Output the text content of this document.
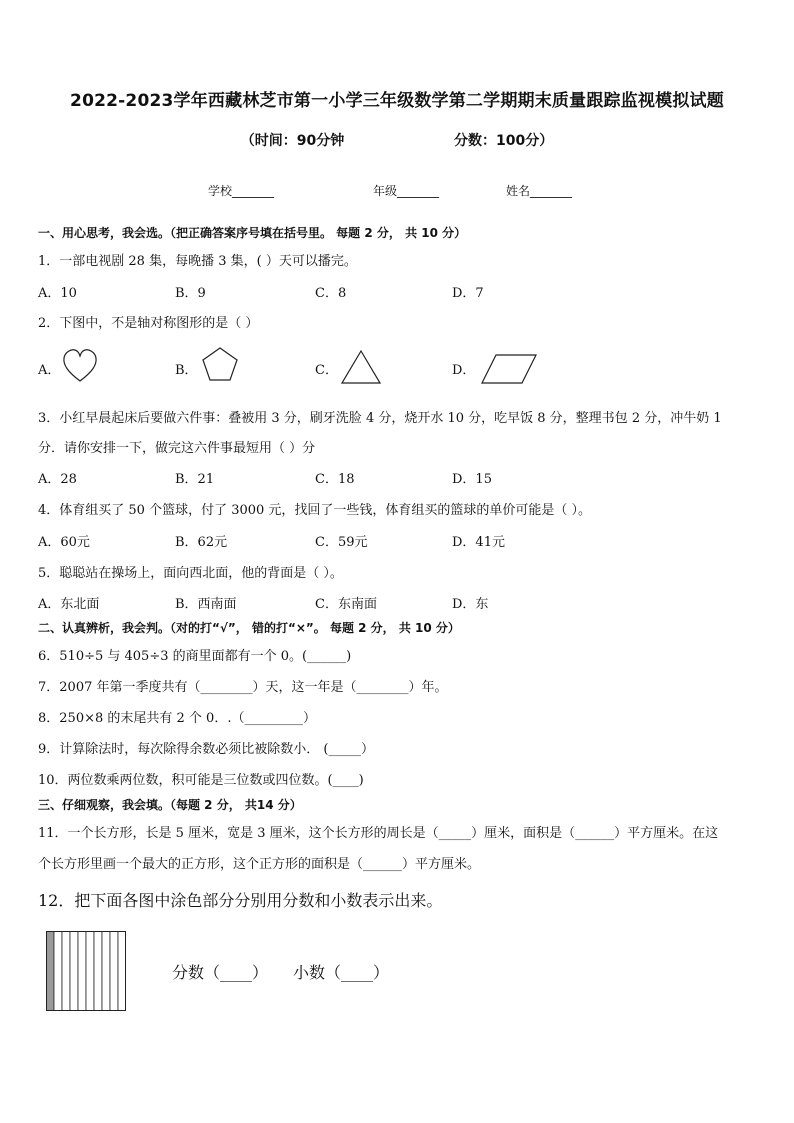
2022-2023学年西藏林芝市第一小学三年级数学第二学期期末质量跟踪监视模拟试题
（时间：90分钟	分数：100分）
学校_______	年级_______	姓名_______
一、用心思考，我会选。（把正确答案序号填在括号里。 每题 2 分， 共 10 分）
1．一部电视剧 28 集，每晚播 3 集，( ）天可以播完。
A．10	B．9	C．8	D．7
2．下图中，不是轴对称图形的是（ ）
A．	B．	C．	D．
3．小红早晨起床后要做六件事：叠被用 3 分，刷牙洗脸 4 分，烧开水 10 分，吃早饭 8 分，整理书包 2 分，冲牛奶 1
分．请你安排一下，做完这六件事最短用（ ）分
A．28	B．21	C．18	D．15
4．体育组买了 50 个篮球，付了 3000 元，找回了一些钱，体育组买的篮球的单价可能是（ ）。
A．60元	B．62元	C．59元	D．41元
5．聪聪站在操场上，面向西北面，他的背面是（ ）。
A．东北面	B．西南面	C．东南面	D．东
二、认真辨析，我会判。（对的打“√”， 错的打“×”。 每题 2 分， 共 10 分）
6．510÷5 与 405÷3 的商里面都有一个 0。(______)
7．2007 年第一季度共有（________）天，这一年是（________）年。
8．250×8 的末尾共有 2 个 0．.（_________）
9．计算除法时，每次除得余数必须比被除数小． (_____）
10．两位数乘两位数，积可能是三位数或四位数。(____)
三、仔细观察，我会填。（每题 2 分， 共14 分）
11．一个长方形，长是 5 厘米，宽是 3 厘米，这个长方形的周长是（_____）厘米，面积是（______）平方厘米。在这
个长方形里画一个最大的正方形，这个正方形的面积是（______）平方厘米。
12．把下面各图中涂色部分分别用分数和小数表示出来。
分数（____） 小数（____）
